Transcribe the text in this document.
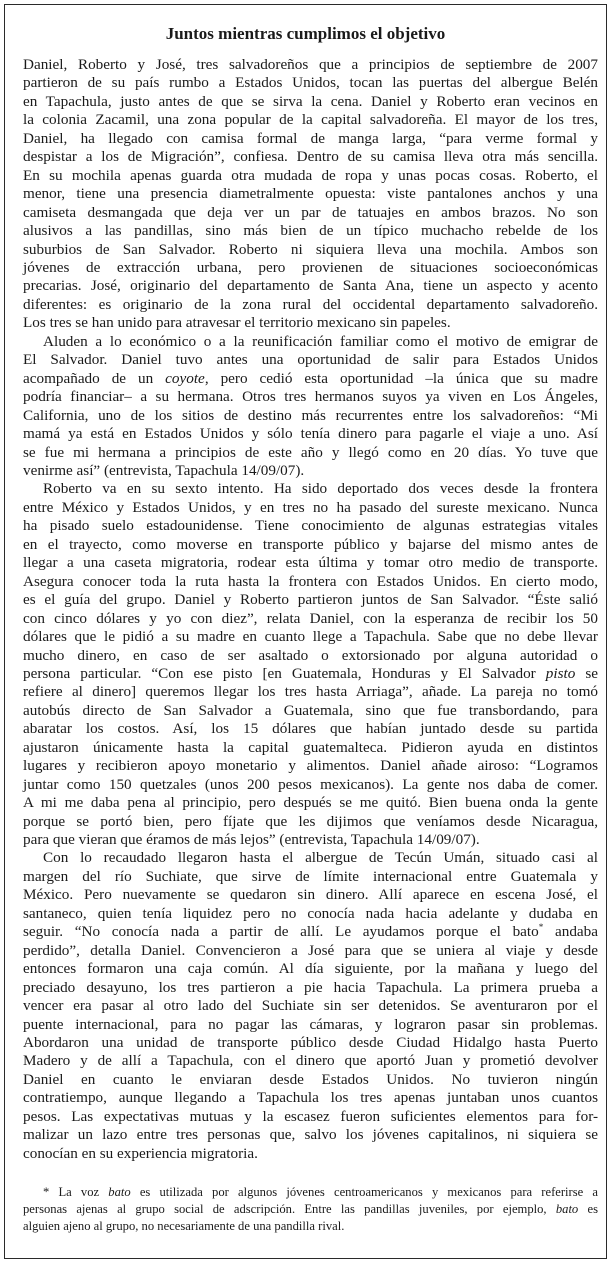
Juntos mientras cumplimos el objetivo
Daniel, Roberto y José, tres salvadoreños que a principios de septiembre de 2007
partieron de su país rumbo a Estados Unidos, tocan las puertas del albergue Belén
en Tapachula, justo antes de que se sirva la cena. Daniel y Roberto eran vecinos en
la colonia Zacamil, una zona popular de la capital salvadoreña. El mayor de los tres,
Daniel, ha llegado con camisa formal de manga larga, “para verme formal y
despistar a los de Migración”, confiesa. Dentro de su camisa lleva otra más sencilla.
En su mochila apenas guarda otra mudada de ropa y unas pocas cosas. Roberto, el
menor, tiene una presencia diametralmente opuesta: viste pantalones anchos y una
camiseta desmangada que deja ver un par de tatuajes en ambos brazos. No son
alusivos a las pandillas, sino más bien de un típico muchacho rebelde de los
suburbios de San Salvador. Roberto ni siquiera lleva una mochila. Ambos son
jóvenes de extracción urbana, pero provienen de situaciones socioeconómicas
precarias. José, originario del departamento de Santa Ana, tiene un aspecto y acento
diferentes: es originario de la zona rural del occidental departamento salvadoreño.
Los tres se han unido para atravesar el territorio mexicano sin papeles.
Aluden a lo económico o a la reunificación familiar como el motivo de emigrar de
El Salvador. Daniel tuvo antes una oportunidad de salir para Estados Unidos
acompañado de un coyote, pero cedió esta oportunidad –la única que su madre
podría financiar– a su hermana. Otros tres hermanos suyos ya viven en Los Ángeles,
California, uno de los sitios de destino más recurrentes entre los salvadoreños: “Mi
mamá ya está en Estados Unidos y sólo tenía dinero para pagarle el viaje a uno. Así
se fue mi hermana a principios de este año y llegó como en 20 días. Yo tuve que
venirme así” (entrevista, Tapachula 14/09/07).
Roberto va en su sexto intento. Ha sido deportado dos veces desde la frontera
entre México y Estados Unidos, y en tres no ha pasado del sureste mexicano. Nunca
ha pisado suelo estadounidense. Tiene conocimiento de algunas estrategias vitales
en el trayecto, como moverse en transporte público y bajarse del mismo antes de
llegar a una caseta migratoria, rodear esta última y tomar otro medio de transporte.
Asegura conocer toda la ruta hasta la frontera con Estados Unidos. En cierto modo,
es el guía del grupo. Daniel y Roberto partieron juntos de San Salvador. “Éste salió
con cinco dólares y yo con diez”, relata Daniel, con la esperanza de recibir los 50
dólares que le pidió a su madre en cuanto llege a Tapachula. Sabe que no debe llevar
mucho dinero, en caso de ser asaltado o extorsionado por alguna autoridad o
persona particular. “Con ese pisto [en Guatemala, Honduras y El Salvador pisto se
refiere al dinero] queremos llegar los tres hasta Arriaga”, añade. La pareja no tomó
autobús directo de San Salvador a Guatemala, sino que fue transbordando, para
abaratar los costos. Así, los 15 dólares que habían juntado desde su partida
ajustaron únicamente hasta la capital guatemalteca. Pidieron ayuda en distintos
lugares y recibieron apoyo monetario y alimentos. Daniel añade airoso: “Logramos
juntar como 150 quetzales (unos 200 pesos mexicanos). La gente nos daba de comer.
A mi me daba pena al principio, pero después se me quitó. Bien buena onda la gente
porque se portó bien, pero fíjate que les dijimos que veníamos desde Nicaragua,
para que vieran que éramos de más lejos” (entrevista, Tapachula 14/09/07).
Con lo recaudado llegaron hasta el albergue de Tecún Umán, situado casi al
margen del río Suchiate, que sirve de límite internacional entre Guatemala y
México. Pero nuevamente se quedaron sin dinero. Allí aparece en escena José, el
santaneco, quien tenía liquidez pero no conocía nada hacia adelante y dudaba en
seguir. “No conocía nada a partir de allí. Le ayudamos porque el bato* andaba
perdido”, detalla Daniel. Convencieron a José para que se uniera al viaje y desde
entonces formaron una caja común. Al día siguiente, por la mañana y luego del
preciado desayuno, los tres partieron a pie hacia Tapachula. La primera prueba a
vencer era pasar al otro lado del Suchiate sin ser detenidos. Se aventuraron por el
puente internacional, para no pagar las cámaras, y lograron pasar sin problemas.
Abordaron una unidad de transporte público desde Ciudad Hidalgo hasta Puerto
Madero y de allí a Tapachula, con el dinero que aportó Juan y prometió devolver
Daniel en cuanto le enviaran desde Estados Unidos. No tuvieron ningún
contratiempo, aunque llegando a Tapachula los tres apenas juntaban unos cuantos
pesos. Las expectativas mutuas y la escasez fueron suficientes elementos para for-
malizar un lazo entre tres personas que, salvo los jóvenes capitalinos, ni siquiera se
conocían en su experiencia migratoria.
* La voz bato es utilizada por algunos jóvenes centroamericanos y mexicanos para referirse a
personas ajenas al grupo social de adscripción. Entre las pandillas juveniles, por ejemplo, bato es
alguien ajeno al grupo, no necesariamente de una pandilla rival.
